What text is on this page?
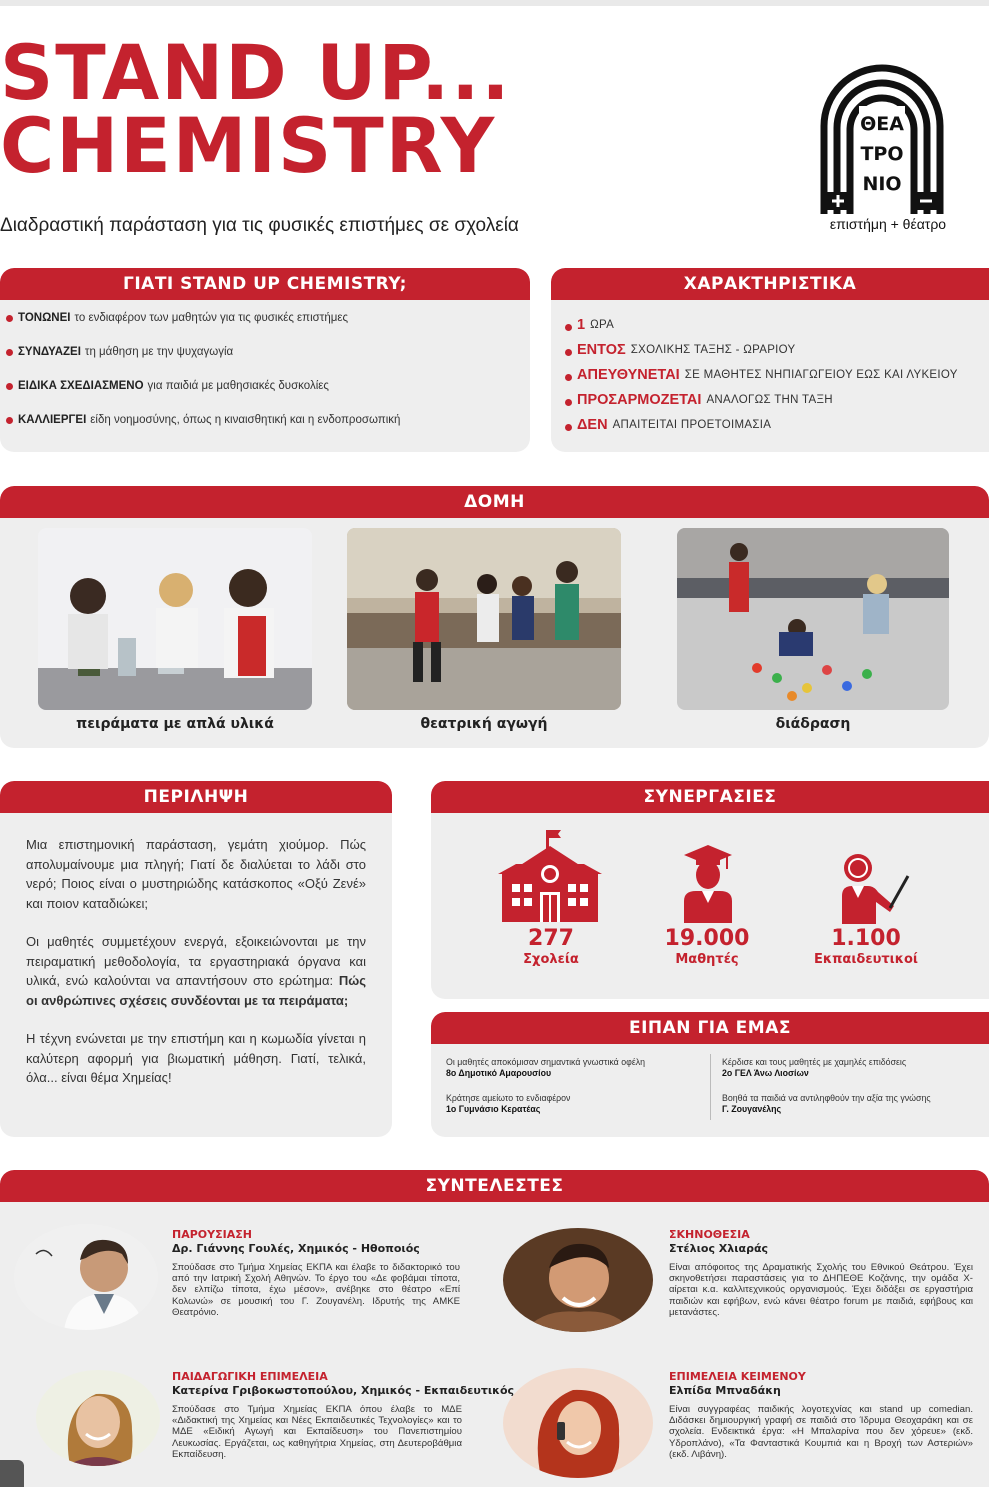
STAND UP...
CHEMISTRY
Διαδραστική παράσταση για τις φυσικές επιστήμες σε σχολεία
ΘΕΑ
ΤΡΟ
ΝΙΟ
επιστήμη + θέατρο
ΓΙΑΤΙ STAND UP CHEMISTRY;
ΤΟΝΩΝΕΙ το ενδιαφέρον των μαθητών για τις φυσικές επιστήμες
ΣΥΝΔΥΑΖΕΙ τη μάθηση με την ψυχαγωγία
ΕΙΔΙΚΑ ΣΧΕΔΙΑΣΜΕΝΟ για παιδιά με μαθησιακές δυσκολίες
ΚΑΛΛΙΕΡΓΕΙ είδη νοημοσύνης, όπως η κιναισθητική και η ενδοπροσωπική
ΧΑΡΑΚΤΗΡΙΣΤΙΚΑ
1 ΩΡΑ
ΕΝΤΟΣ ΣΧΟΛΙΚΗΣ ΤΑΞΗΣ - ΩΡΑΡΙΟΥ
ΑΠΕΥΘΥΝΕΤΑΙ ΣΕ ΜΑΘΗΤΕΣ ΝΗΠΙΑΓΩΓΕΙΟΥ ΕΩΣ ΚΑΙ ΛΥΚΕΙΟΥ
ΠΡΟΣΑΡΜΟΖΕΤΑΙ ΑΝΑΛΟΓΩΣ ΤΗΝ ΤΑΞΗ
ΔΕΝ ΑΠΑΙΤΕΙΤΑΙ ΠΡΟΕΤΟΙΜΑΣΙΑ
ΔΟΜΗ
πειράματα με απλά υλικά	θεατρική αγωγή	διάδραση
ΠΕΡΙΛΗΨΗ

Μια επιστημονική παράσταση, γεμάτη χιούμορ. Πώς απολυμαίνουμε μια πληγή; Γιατί δε διαλύεται το λάδι στο νερό; Ποιος είναι ο μυστηριώδης κατάσκοπος «Οξύ Ζενέ» και ποιον καταδιώκει;

Οι μαθητές συμμετέχουν ενεργά, εξοικειώνονται με την πειραματική μεθοδολογία, τα εργαστηριακά όργανα και υλικά, ενώ καλούνται να απαντήσουν στο ερώτημα: Πώς οι ανθρώπινες σχέσεις συνδέονται με τα πειράματα;

Η τέχνη ενώνεται με την επιστήμη και η κωμωδία γίνεται η καλύτερη αφορμή για βιωματική μάθηση. Γιατί, τελικά, όλα... είναι θέμα Χημείας!

ΣΥΝΕΡΓΑΣΙΕΣ
277
Σχολεία
19.000
Μαθητές
1.100
Εκπαιδευτικοί
ΕΙΠΑΝ ΓΙΑ ΕΜΑΣ
Οι μαθητές αποκόμισαν σημαντικά γνωστικά οφέλη
8ο Δημοτικό Αμαρουσίου
Κέρδισε και τους μαθητές με χαμηλές επιδόσεις
2ο ΓΕΛ Άνω Λιοσίων
Κράτησε αμείωτο το ενδιαφέρον
1ο Γυμνάσιο Κερατέας
Βοηθά τα παιδιά να αντιληφθούν την αξία της γνώσης
Γ. Ζουγανέλης
ΣΥΝΤΕΛΕΣΤΕΣ
ΠΑΡΟΥΣΙΑΣΗ
Δρ. Γιάννης Γουλές, Χημικός - Ηθοποιός
Σπούδασε στο Τμήμα Χημείας ΕΚΠΑ και έλαβε το διδακτορικό του από την Ιατρική Σχολή Αθηνών. Το έργο του «Δε φοβάμαι τίποτα, δεν ελπίζω τίποτα, έχω μέσον», ανέβηκε στο θέατρο «Επί Κολωνώ» σε μουσική του Γ. Ζουγανέλη. Ιδρυτής της ΑΜΚΕ Θεατρόνιο.
ΣΚΗΝΟΘΕΣΙΑ
Στέλιος Χλιαράς
Είναι απόφοιτος της Δραματικής Σχολής του Εθνικού Θεάτρου. Έχει σκηνοθετήσει παραστάσεις για το ΔΗΠΕΘΕ Κοζάνης, την ομάδα Χ-αίρεται κ.α. καλλιτεχνικούς οργανισμούς. Έχει διδάξει σε εργαστήρια παιδιών και εφήβων, ενώ κάνει θέατρο forum με παιδιά, εφήβους και μετανάστες.
ΠΑΙΔΑΓΩΓΙΚΗ ΕΠΙΜΕΛΕΙΑ
Κατερίνα Γριβοκωστοπούλου, Χημικός - Εκπαιδευτικός
Σπούδασε στο Τμήμα Χημείας ΕΚΠΑ όπου έλαβε το ΜΔΕ «Διδακτική της Χημείας και Νέες Εκπαιδευτικές Τεχνολογίες» και το ΜΔΕ «Ειδική Αγωγή και Εκπαίδευση» του Πανεπιστημίου Λευκωσίας. Εργάζεται, ως καθηγήτρια Χημείας, στη Δευτεροβάθμια Εκπαίδευση.
ΕΠΙΜΕΛΕΙΑ ΚΕΙΜΕΝΟΥ
Ελπίδα Μπναδάκη
Είναι συγγραφέας παιδικής λογοτεχνίας και stand up comedian. Διδάσκει δημιουργική γραφή σε παιδιά στο Ίδρυμα Θεοχαράκη και σε σχολεία. Ενδεικτικά έργα: «Η Μπαλαρίνα που δεν χόρευε» (εκδ. Υδροπλάνο), «Τα Φανταστικά Κουμπιά και η Βροχή των Αστεριών» (εκδ. Λιβάνη).
